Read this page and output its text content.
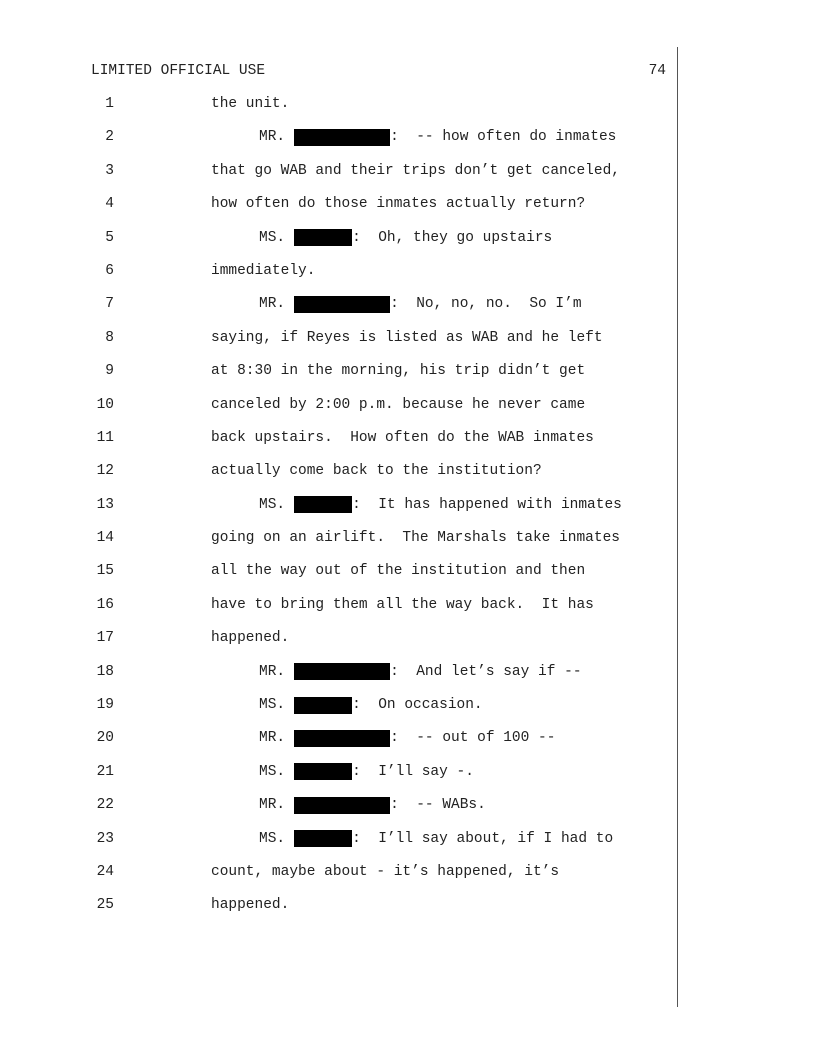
LIMITED OFFICIAL USE	74
1	the unit.
2	MR.	:  -- how often do inmates
3	that go WAB and their trips don’t get canceled,
4	how often do those inmates actually return?
5	MS.	:  Oh, they go upstairs
6	immediately.
7	MR.	:  No, no, no.  So I’m
8	saying, if Reyes is listed as WAB and he left
9	at 8:30 in the morning, his trip didn’t get
10	canceled by 2:00 p.m. because he never came
11	back upstairs.  How often do the WAB inmates
12	actually come back to the institution?
13	MS.	:  It has happened with inmates
14	going on an airlift.  The Marshals take inmates
15	all the way out of the institution and then
16	have to bring them all the way back.  It has
17	happened.
18	MR.	:  And let’s say if --
19	MS.	:  On occasion.
20	MR.	:  -- out of 100 --
21	MS.	:  I’ll say -.
22	MR.	:  -- WABs.
23	MS.	:  I’ll say about, if I had to
24	count, maybe about - it’s happened, it’s
25	happened.
